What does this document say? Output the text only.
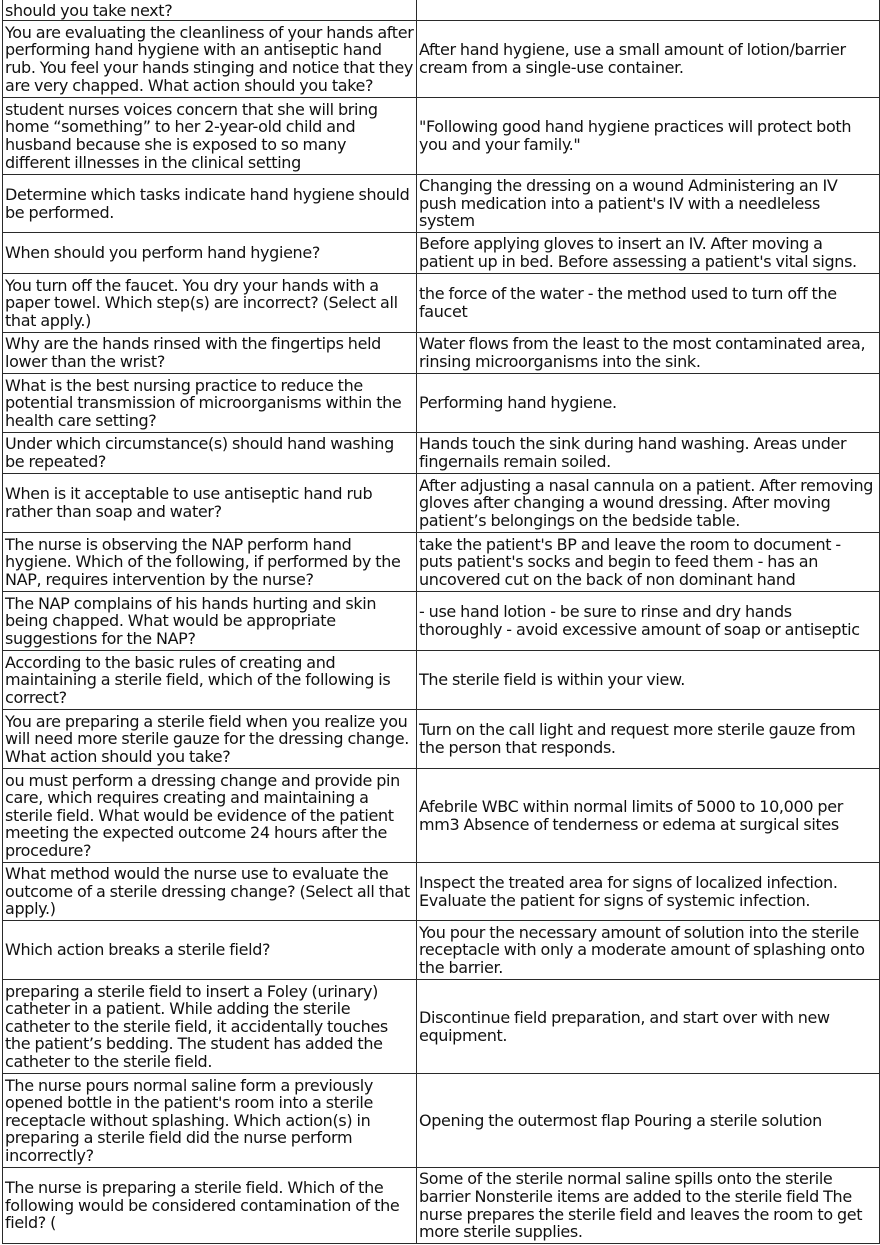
should you take next?	
You are evaluating the cleanliness of your hands after performing hand hygiene with an antiseptic hand rub. You feel your hands stinging and notice that they are very chapped. What action should you take?	After hand hygiene, use a small amount of lotion/barrier cream from a single-use container.
student nurses voices concern that she will bring home “something” to her 2-year-old child and husband because she is exposed to so many different illnesses in the clinical setting	"Following good hand hygiene practices will protect both you and your family."
Determine which tasks indicate hand hygiene should be performed.	Changing the dressing on a wound Administering an IV push medication into a patient's IV with a needleless system
When should you perform hand hygiene?	Before applying gloves to insert an IV. After moving a patient up in bed. Before assessing a patient's vital signs.
You turn off the faucet. You dry your hands with a paper towel. Which step(s) are incorrect? (Select all that apply.)	the force of the water - the method used to turn off the faucet
Why are the hands rinsed with the fingertips held lower than the wrist?	Water flows from the least to the most contaminated area, rinsing microorganisms into the sink.
What is the best nursing practice to reduce the potential transmission of microorganisms within the health care setting?	Performing hand hygiene.
Under which circumstance(s) should hand washing be repeated?	Hands touch the sink during hand washing. Areas under fingernails remain soiled.
When is it acceptable to use antiseptic hand rub rather than soap and water?	After adjusting a nasal cannula on a patient. After removing gloves after changing a wound dressing. After moving patient’s belongings on the bedside table.
The nurse is observing the NAP perform hand hygiene. Which of the following, if performed by the NAP, requires intervention by the nurse?	take the patient's BP and leave the room to document - puts patient's socks and begin to feed them - has an uncovered cut on the back of non dominant hand
The NAP complains of his hands hurting and skin being chapped. What would be appropriate suggestions for the NAP?	- use hand lotion - be sure to rinse and dry hands thoroughly - avoid excessive amount of soap or antiseptic
According to the basic rules of creating and maintaining a sterile field, which of the following is correct?	The sterile field is within your view.
You are preparing a sterile field when you realize you will need more sterile gauze for the dressing change. What action should you take?	Turn on the call light and request more sterile gauze from the person that responds.
ou must perform a dressing change and provide pin care, which requires creating and maintaining a sterile field. What would be evidence of the patient meeting the expected outcome 24 hours after the procedure?	Afebrile WBC within normal limits of 5000 to 10,000 per mm3 Absence of tenderness or edema at surgical sites
What method would the nurse use to evaluate the outcome of a sterile dressing change? (Select all that apply.)	Inspect the treated area for signs of localized infection. Evaluate the patient for signs of systemic infection.
Which action breaks a sterile field?	You pour the necessary amount of solution into the sterile receptacle with only a moderate amount of splashing onto the barrier.
preparing a sterile field to insert a Foley (urinary) catheter in a patient. While adding the sterile catheter to the sterile field, it accidentally touches the patient’s bedding. The student has added the catheter to the sterile field.	Discontinue field preparation, and start over with new equipment.
The nurse pours normal saline form a previously opened bottle in the patient's room into a sterile receptacle without splashing. Which action(s) in preparing a sterile field did the nurse perform incorrectly?	Opening the outermost flap Pouring a sterile solution
The nurse is preparing a sterile field. Which of the following would be considered contamination of the field? (	Some of the sterile normal saline spills onto the sterile barrier Nonsterile items are added to the sterile field The nurse prepares the sterile field and leaves the room to get more sterile supplies.
